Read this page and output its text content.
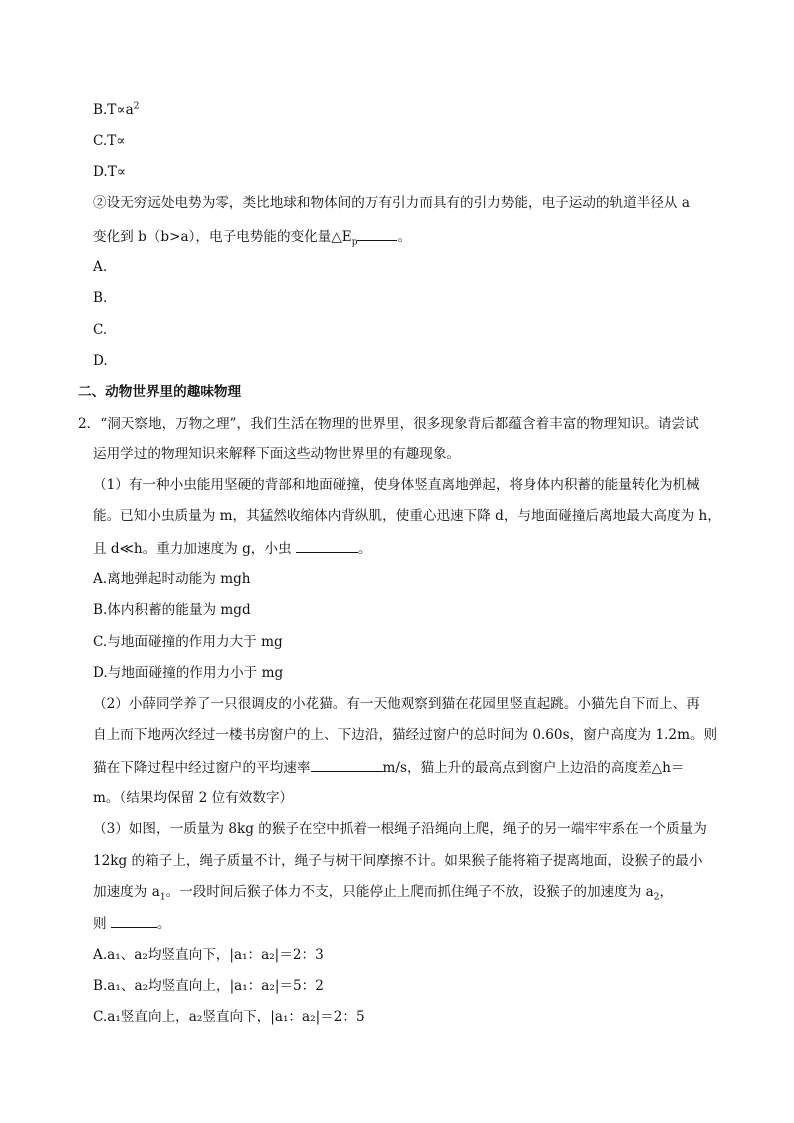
$B.T\propto a^2$
C.T∝
D.T∝
②设无穷远处电势为零，类比地球和物体间的万有引力而具有的引力势能，电子运动的轨道半径从 a
变化到 b（b>a），电子电势能的变化量$\triangle E_p$	。
A.
B.
C.
D.
二、动物世界里的趣味物理
2．“洞天察地，万物之理”，我们生活在物理的世界里，很多现象背后都蕴含着丰富的物理知识。请尝试
运用学过的物理知识来解释下面这些动物世界里的有趣现象。
（1）有一种小虫能用坚硬的背部和地面碰撞，使身体竖直离地弹起，将身体内积蓄的能量转化为机械
能。已知小虫质量为 m，其猛然收缩体内背纵肌，使重心迅速下降 d，与地面碰撞后离地最大高度为 h，
且 d≪h。重力加速度为 g，小虫	。
A.离地弹起时动能为 mgh
B.体内积蓄的能量为 mgd
C.与地面碰撞的作用力大于 mg
D.与地面碰撞的作用力小于 mg
（2）小薛同学养了一只很调皮的小花猫。有一天他观察到猫在花园里竖直起跳。小猫先自下而上、再
自上而下地两次经过一楼书房窗户的上、下边沿，猫经过窗户的总时间为 0.60s，窗户高度为 1.2m。则
猫在下降过程中经过窗户的平均速率	m/s，猫上升的最高点到窗户上边沿的高度差△h＝
m。（结果均保留 2 位有效数字）
（3）如图，一质量为 8kg 的猴子在空中抓着一根绳子沿绳向上爬，绳子的另一端牢牢系在一个质量为
12kg 的箱子上，绳子质量不计，绳子与树干间摩擦不计。如果猴子能将箱子提离地面，设猴子的最小
加速度为 $a_1$。一段时间后猴子体力不支，只能停止上爬而抓住绳子不放，设猴子的加速度为 $a_2$，
则	。
A.a₁、a₂均竖直向下，|a₁：a₂|＝2：3
B.a₁、a₂均竖直向上，|a₁：a₂|＝5：2
C.a₁竖直向上，a₂竖直向下，|a₁：a₂|＝2：5
